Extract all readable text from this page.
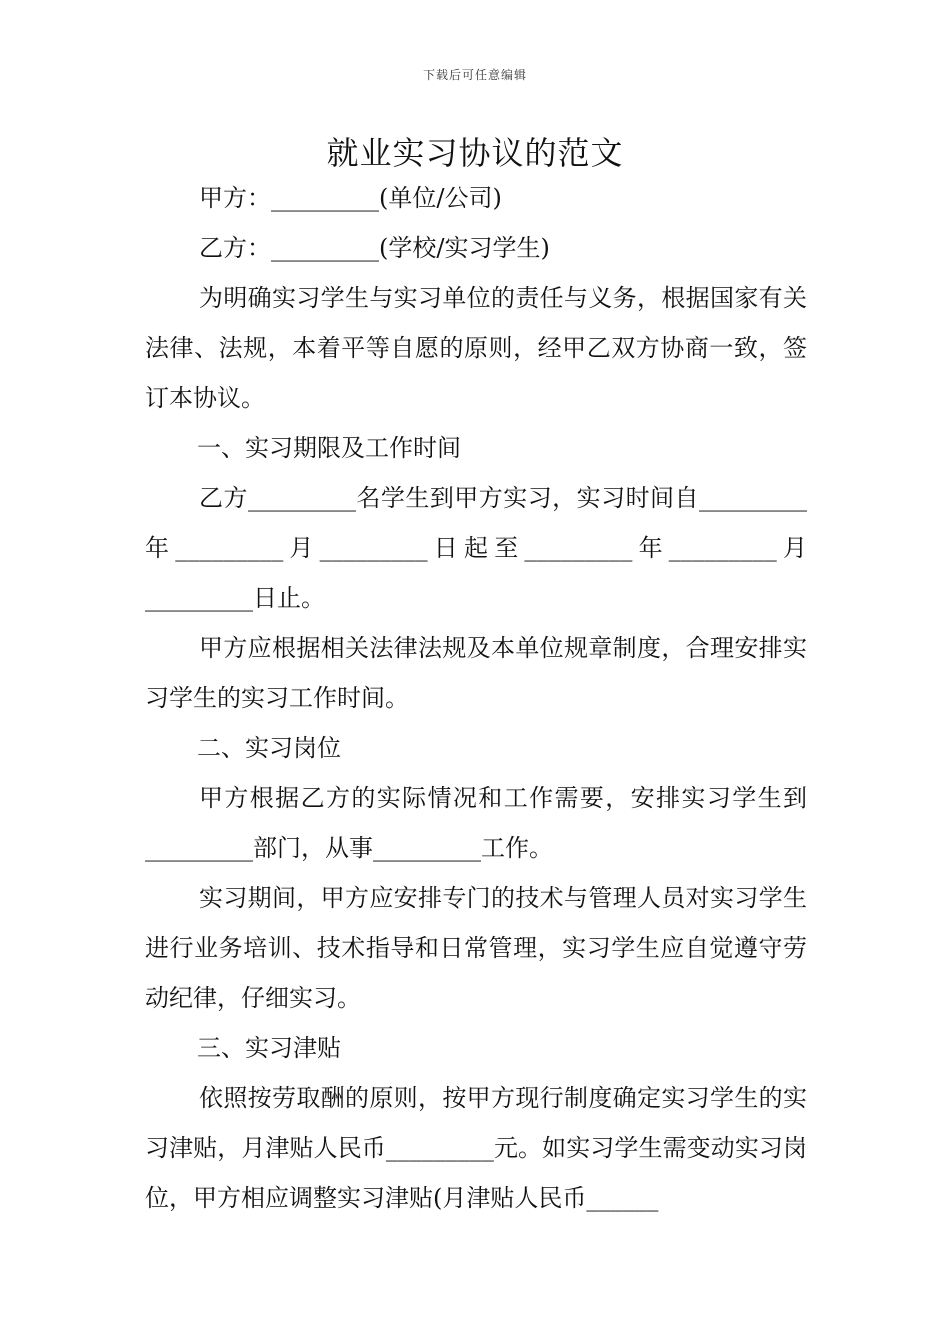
下载后可任意编辑
就业实习协议的范文

甲方：_________(单位/公司)

乙方：_________(学校/实习学生)

为明确实习学生与实习单位的责任与义务，根据国家有关法律、法规，本着平等自愿的原则，经甲乙双方协商一致，签订本协议。

一、实习期限及工作时间

乙方_________名学生到甲方实习，实习时间自_________年_________月_________日起至_________年_________月_________日止。

甲方应根据相关法律法规及本单位规章制度，合理安排实习学生的实习工作时间。

二、实习岗位

甲方根据乙方的实际情况和工作需要，安排实习学生到_________部门，从事_________工作。

实习期间，甲方应安排专门的技术与管理人员对实习学生进行业务培训、技术指导和日常管理，实习学生应自觉遵守劳动纪律，仔细实习。

三、实习津贴

依照按劳取酬的原则，按甲方现行制度确定实习学生的实习津贴，月津贴人民币_________元。如实习学生需变动实习岗位，甲方相应调整实习津贴(月津贴人民币______
